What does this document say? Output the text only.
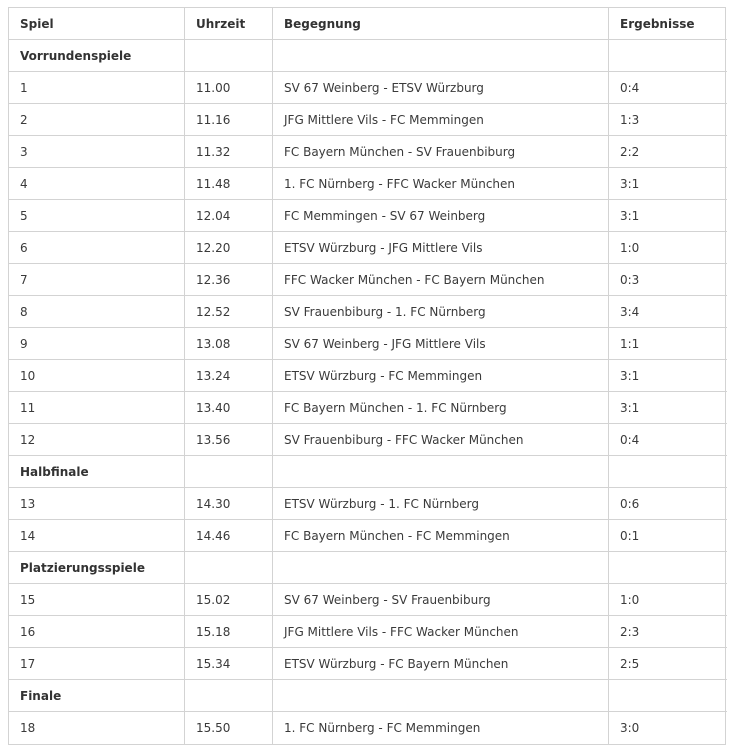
Spiel	Uhrzeit	Begegnung	Ergebnisse
Vorrundenspiele
1	11.00	SV 67 Weinberg - ETSV Würzburg	0:4
2	11.16	JFG Mittlere Vils - FC Memmingen	1:3
3	11.32	FC Bayern München - SV Frauenbiburg	2:2
4	11.48	1. FC Nürnberg - FFC Wacker München	3:1
5	12.04	FC Memmingen - SV 67 Weinberg	3:1
6	12.20	ETSV Würzburg - JFG Mittlere Vils	1:0
7	12.36	FFC Wacker München - FC Bayern München	0:3
8	12.52	SV Frauenbiburg - 1. FC Nürnberg	3:4
9	13.08	SV 67 Weinberg - JFG Mittlere Vils	1:1
10	13.24	ETSV Würzburg - FC Memmingen	3:1
11	13.40	FC Bayern München - 1. FC Nürnberg	3:1
12	13.56	SV Frauenbiburg - FFC Wacker München	0:4
Halbfinale
13	14.30	ETSV Würzburg - 1. FC Nürnberg	0:6
14	14.46	FC Bayern München - FC Memmingen	0:1
Platzierungsspiele
15	15.02	SV 67 Weinberg - SV Frauenbiburg	1:0
16	15.18	JFG Mittlere Vils - FFC Wacker München	2:3
17	15.34	ETSV Würzburg - FC Bayern München	2:5
Finale
18	15.50	1. FC Nürnberg - FC Memmingen	3:0
